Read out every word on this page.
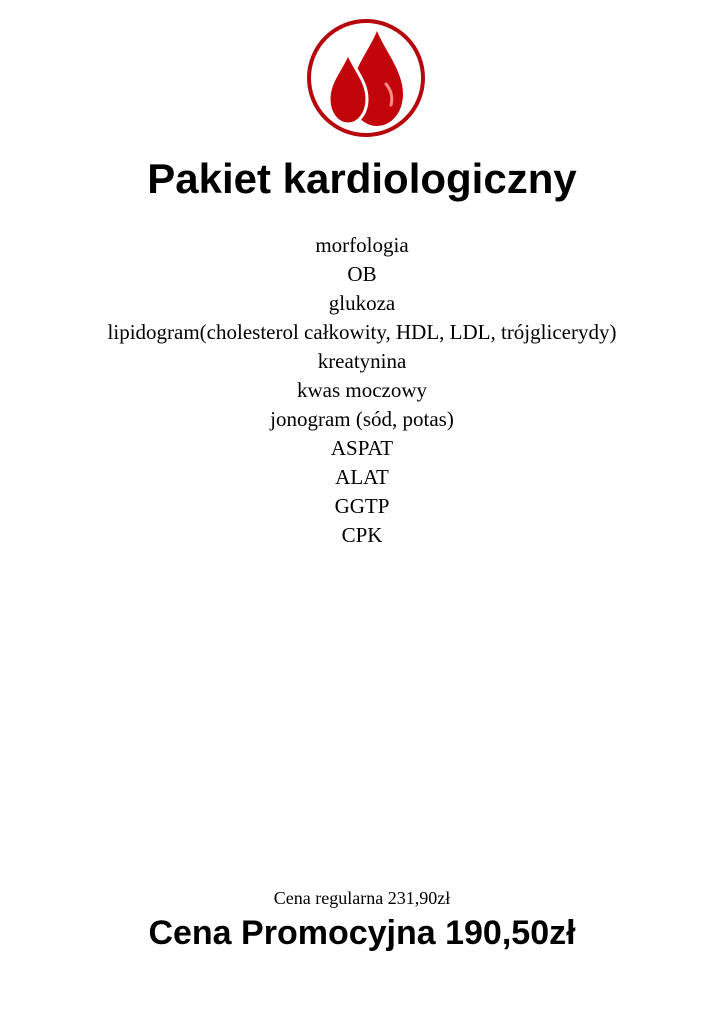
Pakiet kardiologiczny
morfologia
OB
glukoza
lipidogram(cholesterol całkowity, HDL, LDL, trójglicerydy)
kreatynina
kwas moczowy
jonogram (sód, potas)
ASPAT
ALAT
GGTP
CPK
Cena regularna 231,90zł
Cena Promocyjna 190,50zł
